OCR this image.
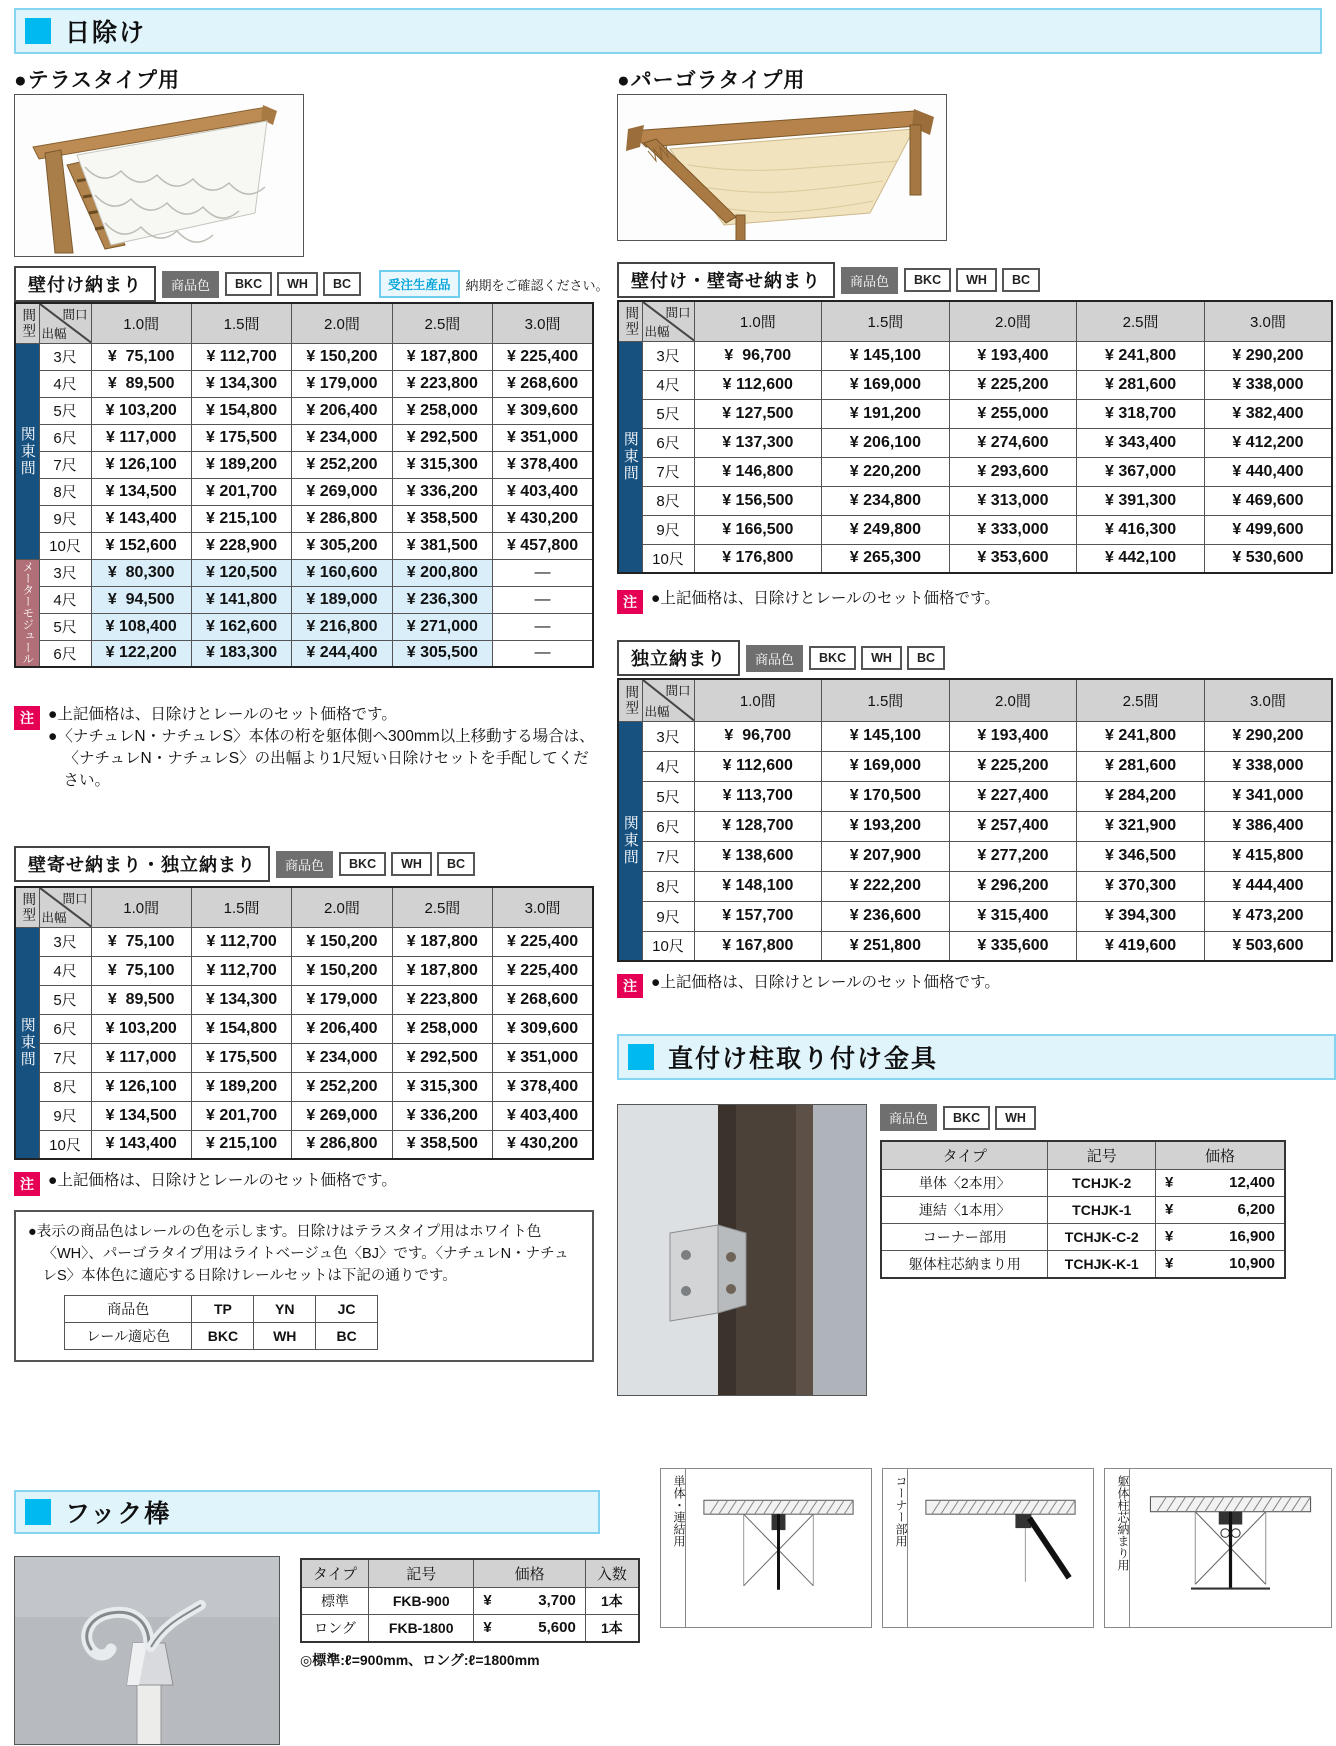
日除け
●テラスタイプ用
壁付け納まり	商品色	BKC	WH	BC	受注生産品	納期をご確認ください。
間型	間口
出幅	1.0間	1.5間	2.0間	2.5間	3.0間
関東間	3尺	¥  75,100	¥ 112,700	¥ 150,200	¥ 187,800	¥ 225,400
	4尺	¥  89,500	¥ 134,300	¥ 179,000	¥ 223,800	¥ 268,600
	5尺	¥ 103,200	¥ 154,800	¥ 206,400	¥ 258,000	¥ 309,600
	6尺	¥ 117,000	¥ 175,500	¥ 234,000	¥ 292,500	¥ 351,000
	7尺	¥ 126,100	¥ 189,200	¥ 252,200	¥ 315,300	¥ 378,400
	8尺	¥ 134,500	¥ 201,700	¥ 269,000	¥ 336,200	¥ 403,400
	9尺	¥ 143,400	¥ 215,100	¥ 286,800	¥ 358,500	¥ 430,200
	10尺	¥ 152,600	¥ 228,900	¥ 305,200	¥ 381,500	¥ 457,800
メーターモジュール	3尺	¥  80,300	¥ 120,500	¥ 160,600	¥ 200,800	—
	4尺	¥  94,500	¥ 141,800	¥ 189,000	¥ 236,300	—
	5尺	¥ 108,400	¥ 162,600	¥ 216,800	¥ 271,000	—
	6尺	¥ 122,200	¥ 183,300	¥ 244,400	¥ 305,500	—
注 ●上記価格は、日除けとレールのセット価格です。

●〈ナチュレN・ナチュレS〉本体の桁を躯体側へ300mm以上移動する場合は、〈ナチュレN・ナチュレS〉の出幅より1尺短い日除けセットを手配してください。

壁寄せ納まり・独立納まり	商品色	BKC	WH	BC
間型	間口
出幅	1.0間	1.5間	2.0間	2.5間	3.0間
関東間	3尺	¥  75,100	¥ 112,700	¥ 150,200	¥ 187,800	¥ 225,400
	4尺	¥  75,100	¥ 112,700	¥ 150,200	¥ 187,800	¥ 225,400
	5尺	¥  89,500	¥ 134,300	¥ 179,000	¥ 223,800	¥ 268,600
	6尺	¥ 103,200	¥ 154,800	¥ 206,400	¥ 258,000	¥ 309,600
	7尺	¥ 117,000	¥ 175,500	¥ 234,000	¥ 292,500	¥ 351,000
	8尺	¥ 126,100	¥ 189,200	¥ 252,200	¥ 315,300	¥ 378,400
	9尺	¥ 134,500	¥ 201,700	¥ 269,000	¥ 336,200	¥ 403,400
	10尺	¥ 143,400	¥ 215,100	¥ 286,800	¥ 358,500	¥ 430,200
注 ●上記価格は、日除けとレールのセット価格です。

●表示の商品色はレールの色を示します。日除けはテラスタイプ用はホワイト色〈WH〉、パーゴラタイプ用はライトベージュ色〈BJ〉です。〈ナチュレN・ナチュレS〉本体色に適応する日除けレールセットは下記の通りです。

商品色	TP	YN	JC
レール適応色	BKC	WH	BC
フック棒
タイプ	記号	価格	入数
標準	FKB-900	¥ 3,700	1本
ロング	FKB-1800	¥ 5,600	1本
◎標準:ℓ=900mm、ロング:ℓ=1800mm
●パーゴラタイプ用
壁付け・壁寄せ納まり	商品色	BKC	WH	BC
間型	間口
出幅	1.0間	1.5間	2.0間	2.5間	3.0間
関東間	3尺	¥  96,700	¥ 145,100	¥ 193,400	¥ 241,800	¥ 290,200
	4尺	¥ 112,600	¥ 169,000	¥ 225,200	¥ 281,600	¥ 338,000
	5尺	¥ 127,500	¥ 191,200	¥ 255,000	¥ 318,700	¥ 382,400
	6尺	¥ 137,300	¥ 206,100	¥ 274,600	¥ 343,400	¥ 412,200
	7尺	¥ 146,800	¥ 220,200	¥ 293,600	¥ 367,000	¥ 440,400
	8尺	¥ 156,500	¥ 234,800	¥ 313,000	¥ 391,300	¥ 469,600
	9尺	¥ 166,500	¥ 249,800	¥ 333,000	¥ 416,300	¥ 499,600
	10尺	¥ 176,800	¥ 265,300	¥ 353,600	¥ 442,100	¥ 530,600
注 ●上記価格は、日除けとレールのセット価格です。

独立納まり	商品色	BKC	WH	BC
間型	間口
出幅	1.0間	1.5間	2.0間	2.5間	3.0間
関東間	3尺	¥  96,700	¥ 145,100	¥ 193,400	¥ 241,800	¥ 290,200
	4尺	¥ 112,600	¥ 169,000	¥ 225,200	¥ 281,600	¥ 338,000
	5尺	¥ 113,700	¥ 170,500	¥ 227,400	¥ 284,200	¥ 341,000
	6尺	¥ 128,700	¥ 193,200	¥ 257,400	¥ 321,900	¥ 386,400
	7尺	¥ 138,600	¥ 207,900	¥ 277,200	¥ 346,500	¥ 415,800
	8尺	¥ 148,100	¥ 222,200	¥ 296,200	¥ 370,300	¥ 444,400
	9尺	¥ 157,700	¥ 236,600	¥ 315,400	¥ 394,300	¥ 473,200
	10尺	¥ 167,800	¥ 251,800	¥ 335,600	¥ 419,600	¥ 503,600
注 ●上記価格は、日除けとレールのセット価格です。

直付け柱取り付け金具
商品色	BKC	WH
タイプ	記号	価格
単体〈2本用〉	TCHJK-2	¥ 12,400

連結〈1本用〉	TCHJK-1	¥ 6,200

コーナー部用	TCHJK-C-2	¥ 16,900

躯体柱芯納まり用	TCHJK-K-1	¥ 10,900
単体・連結用	コーナー部用	躯体柱芯納まり用
